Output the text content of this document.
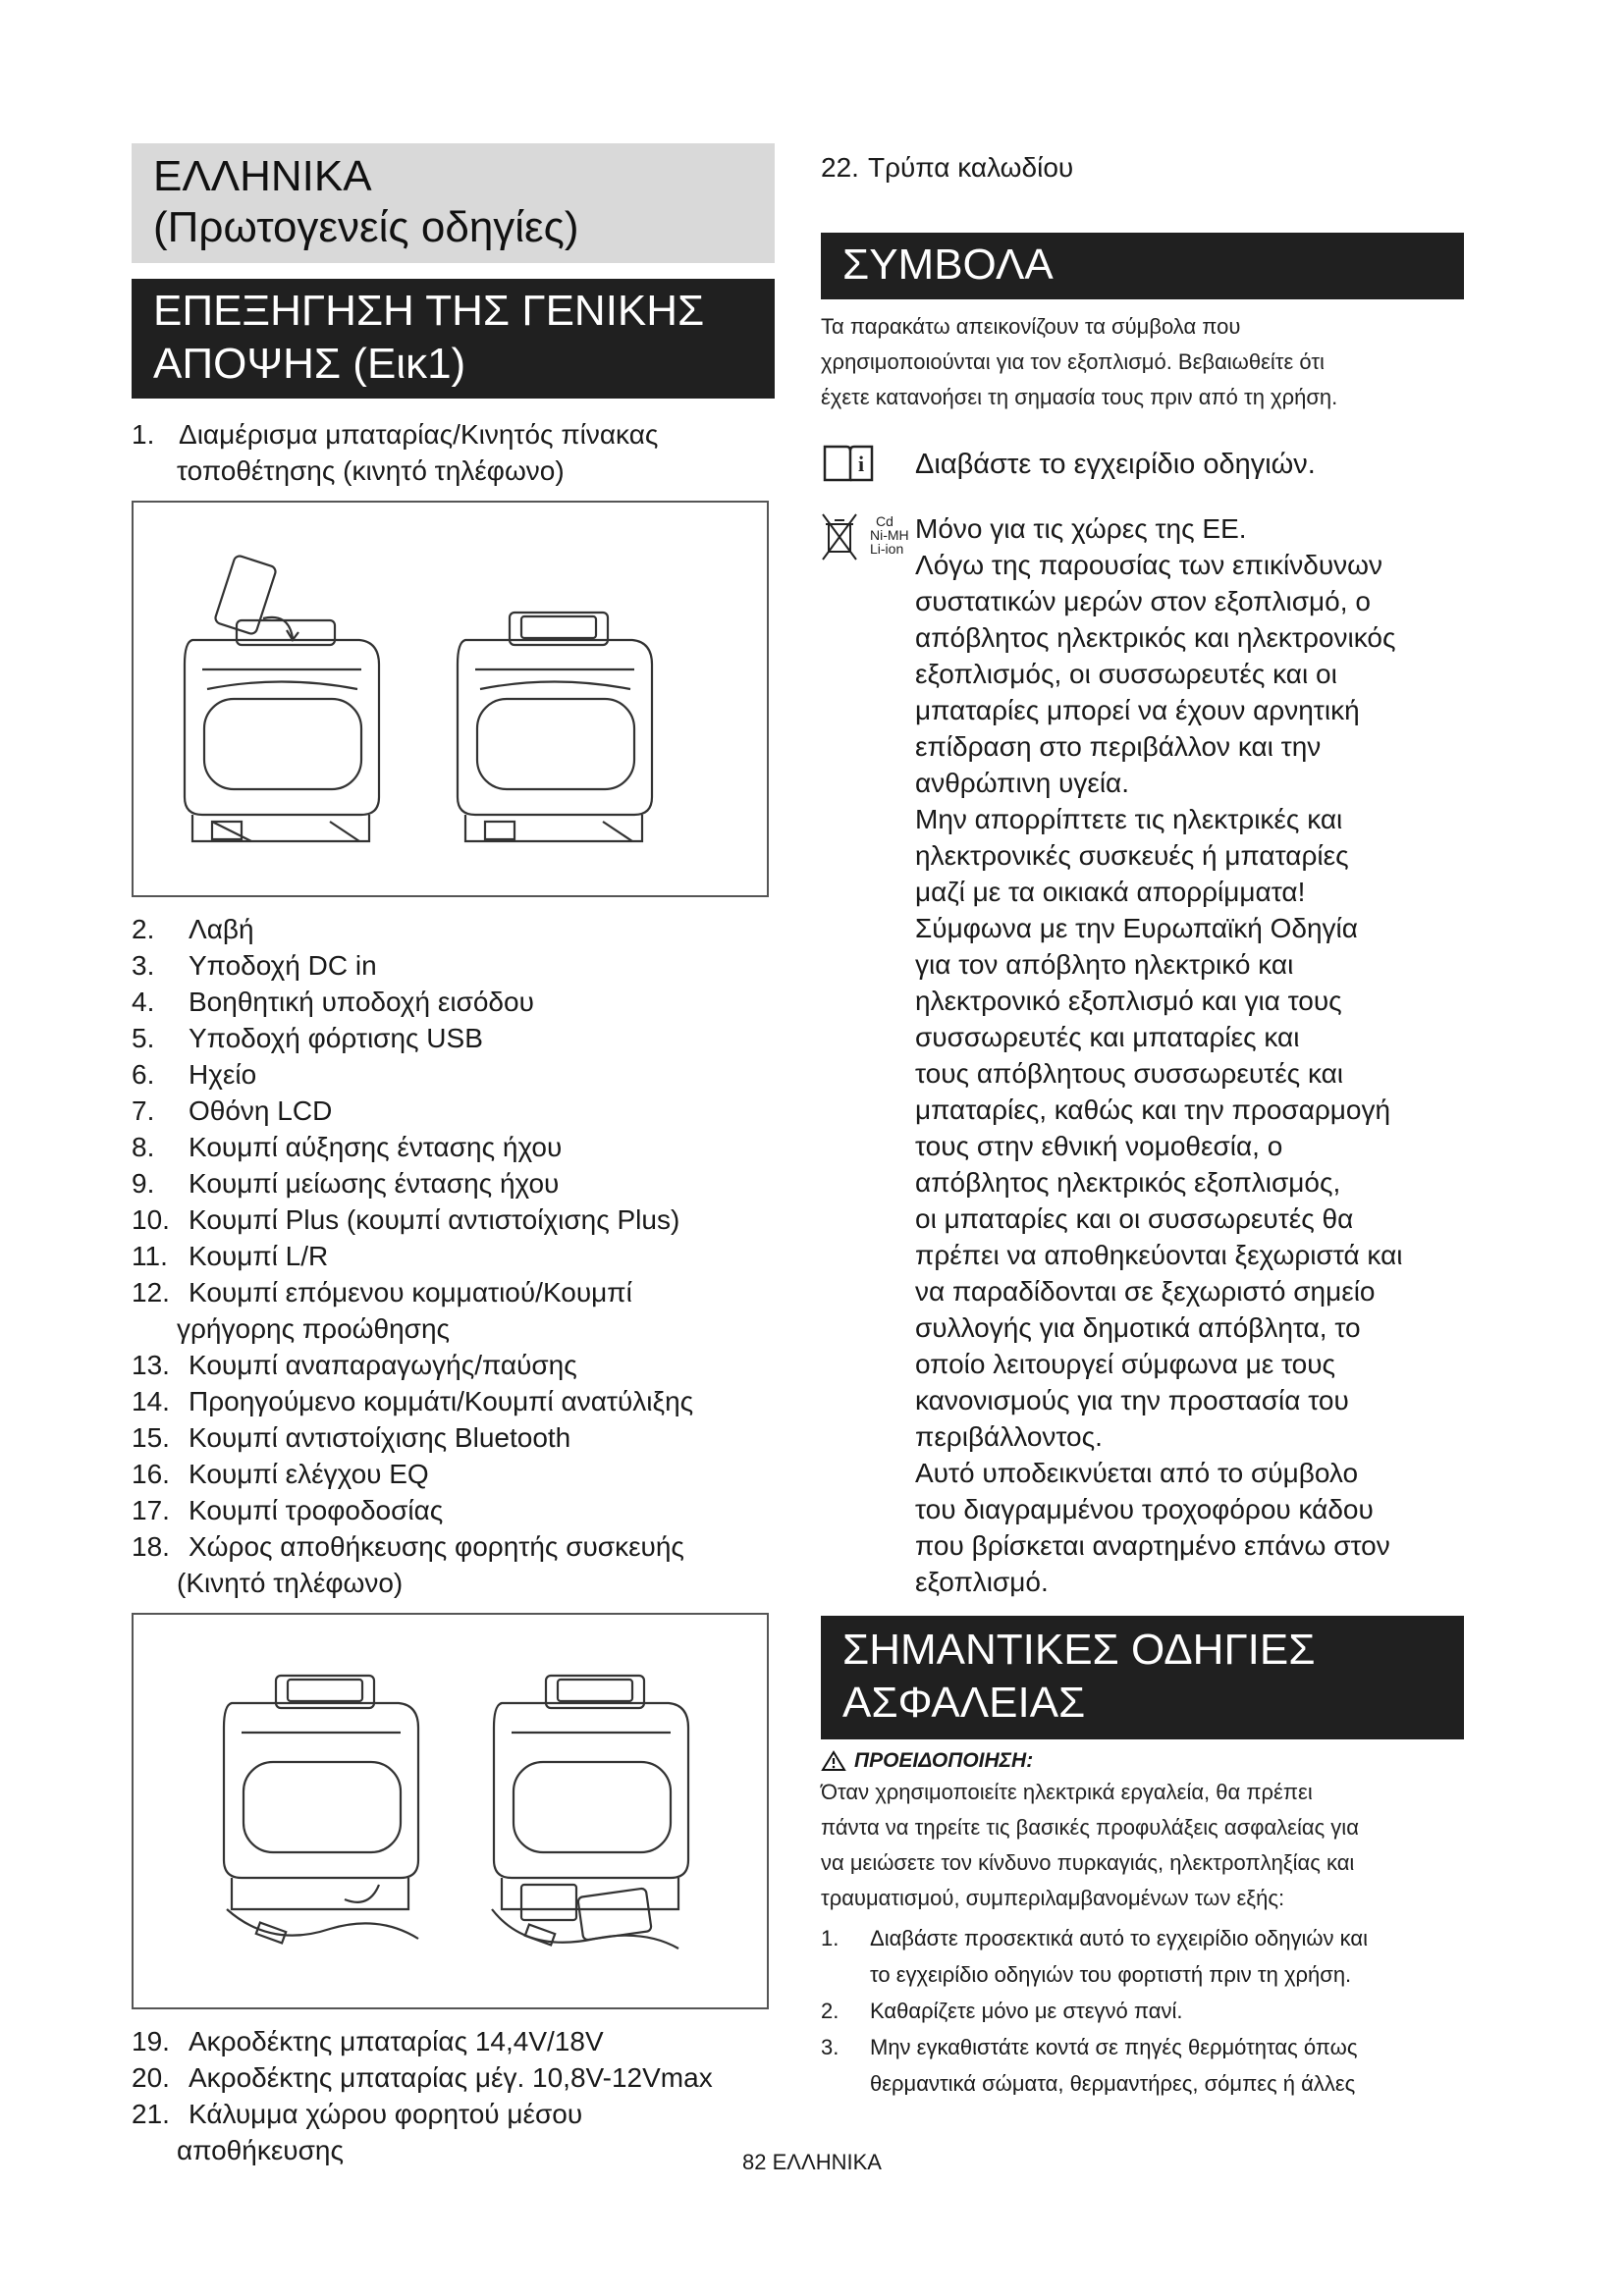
ΕΛΛΗΝΙΚΑ
(Πρωτογενείς οδηγίες)
ΕΠΕΞΗΓΗΣΗ ΤΗΣ ΓΕΝΙΚΗΣ
ΑΠΟΨΗΣ (Εικ1)
1. Διαμέρισμα μπαταρίας/Κινητός πίνακας
τοποθέτησης (κινητό τηλέφωνο)
2. Λαβή
3. Υποδοχή DC in
4. Βοηθητική υποδοχή εισόδου
5. Υποδοχή φόρτισης USB
6. Ηχείο
7. Οθόνη LCD
8. Κουμπί αύξησης έντασης ήχου
9. Κουμπί μείωσης έντασης ήχου
10. Κουμπί Plus (κουμπί αντιστοίχισης Plus)
11. Κουμπί L/R
12. Κουμπί επόμενου κομματιού/Κουμπί
γρήγορης προώθησης
13. Κουμπί αναπαραγωγής/παύσης
14. Προηγούμενο κομμάτι/Κουμπί ανατύλιξης
15. Κουμπί αντιστοίχισης Bluetooth
16. Κουμπί ελέγχου EQ
17. Κουμπί τροφοδοσίας
18. Χώρος αποθήκευσης φορητής συσκευής
(Κινητό τηλέφωνο)
19. Ακροδέκτης μπαταρίας 14,4V/18V
20. Ακροδέκτης μπαταρίας μέγ. 10,8V-12Vmax
21. Κάλυμμα χώρου φορητού μέσου
αποθήκευσης
22. Τρύπα καλωδίου
ΣΥΜΒΟΛΑ
Τα παρακάτω απεικονίζουν τα σύμβολα που
χρησιμοποιούνται για τον εξοπλισμό. Βεβαιωθείτε ότι
έχετε κατανοήσει τη σημασία τους πριν από τη χρήση.
i Διαβάστε το εγχειρίδιο οδηγιών.
Cd
Ni-MH
Li-ion

Μόνο για τις χώρες της ΕΕ.

Λόγω της παρουσίας των επικίνδυνων

συστατικών μερών στον εξοπλισμό, ο

απόβλητος ηλεκτρικός και ηλεκτρονικός

εξοπλισμός, οι συσσωρευτές και οι

μπαταρίες μπορεί να έχουν αρνητική

επίδραση στο περιβάλλον και την

ανθρώπινη υγεία.

Μην απορρίπτετε τις ηλεκτρικές και

ηλεκτρονικές συσκευές ή μπαταρίες

μαζί με τα οικιακά απορρίμματα!

Σύμφωνα με την Ευρωπαϊκή Οδηγία

για τον απόβλητο ηλεκτρικό και

ηλεκτρονικό εξοπλισμό και για τους

συσσωρευτές και μπαταρίες και

τους απόβλητους συσσωρευτές και

μπαταρίες, καθώς και την προσαρμογή

τους στην εθνική νομοθεσία, ο

απόβλητος ηλεκτρικός εξοπλισμός,

οι μπαταρίες και οι συσσωρευτές θα

πρέπει να αποθηκεύονται ξεχωριστά και

να παραδίδονται σε ξεχωριστό σημείο

συλλογής για δημοτικά απόβλητα, το

οποίο λειτουργεί σύμφωνα με τους

κανονισμούς για την προστασία του

περιβάλλοντος.

Αυτό υποδεικνύεται από το σύμβολο

του διαγραμμένου τροχοφόρου κάδου

που βρίσκεται αναρτημένο επάνω στον

εξοπλισμό.

ΣΗΜΑΝΤΙΚΕΣ ΟΔΗΓΙΕΣ
ΑΣΦΑΛΕΙΑΣ
ΠΡΟΕΙΔΟΠΟΙΗΣΗ:
Όταν χρησιμοποιείτε ηλεκτρικά εργαλεία, θα πρέπει
πάντα να τηρείτε τις βασικές προφυλάξεις ασφαλείας για
να μειώσετε τον κίνδυνο πυρκαγιάς, ηλεκτροπληξίας και
τραυματισμού, συμπεριλαμβανομένων των εξής:
1. Διαβάστε προσεκτικά αυτό το εγχειρίδιο οδηγιών και
το εγχειρίδιο οδηγιών του φορτιστή πριν τη χρήση.
2. Καθαρίζετε μόνο με στεγνό πανί.
3. Μην εγκαθιστάτε κοντά σε πηγές θερμότητας όπως
θερμαντικά σώματα, θερμαντήρες, σόμπες ή άλλες
82 ΕΛΛΗΝΙΚΑ
